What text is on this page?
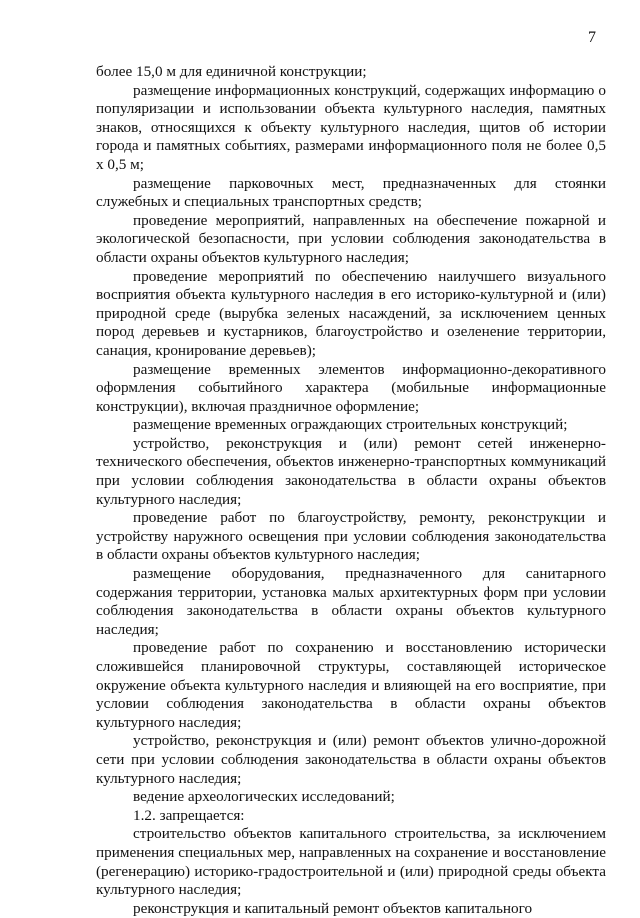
7

более 15,0 м для единичной конструкции;

размещение информационных конструкций, содержащих информацию о популяризации и использовании объекта культурного наследия, памятных знаков, относящихся к объекту культурного наследия, щитов об истории города и памятных событиях, размерами информационного поля не более 0,5 х 0,5 м;

размещение парковочных мест, предназначенных для стоянки служебных и специальных транспортных средств;

проведение мероприятий, направленных на обеспечение пожарной и экологической безопасности, при условии соблюдения законодательства в области охраны объектов культурного наследия;

проведение мероприятий по обеспечению наилучшего визуального восприятия объекта культурного наследия в его историко-культурной и (или) природной среде (вырубка зеленых насаждений, за исключением ценных пород деревьев и кустарников, благоустройство и озеленение территории, санация, кронирование деревьев);

размещение временных элементов информационно-декоративного оформления событийного характера (мобильные информационные конструкции), включая праздничное оформление;

размещение временных ограждающих строительных конструкций;

устройство, реконструкция и (или) ремонт сетей инженерно-технического обеспечения, объектов инженерно-транспортных коммуникаций при условии соблюдения законодательства в области охраны объектов культурного наследия;

проведение работ по благоустройству, ремонту, реконструкции и устройству наружного освещения при условии соблюдения законодательства в области охраны объектов культурного наследия;

размещение оборудования, предназначенного для санитарного содержания территории, установка малых архитектурных форм при условии соблюдения законодательства в области охраны объектов культурного наследия;

проведение работ по сохранению и восстановлению исторически сложившейся планировочной структуры, составляющей историческое окружение объекта культурного наследия и влияющей на его восприятие, при условии соблюдения законодательства в области охраны объектов культурного наследия;

устройство, реконструкция и (или) ремонт объектов улично-дорожной сети при условии соблюдения законодательства в области охраны объектов культурного наследия;

ведение археологических исследований;

1.2. запрещается:

строительство объектов капитального строительства, за исключением применения специальных мер, направленных на сохранение и восстановление (регенерацию) историко-градостроительной и (или) природной среды объекта культурного наследия;

реконструкция и капитальный ремонт объектов капитального
